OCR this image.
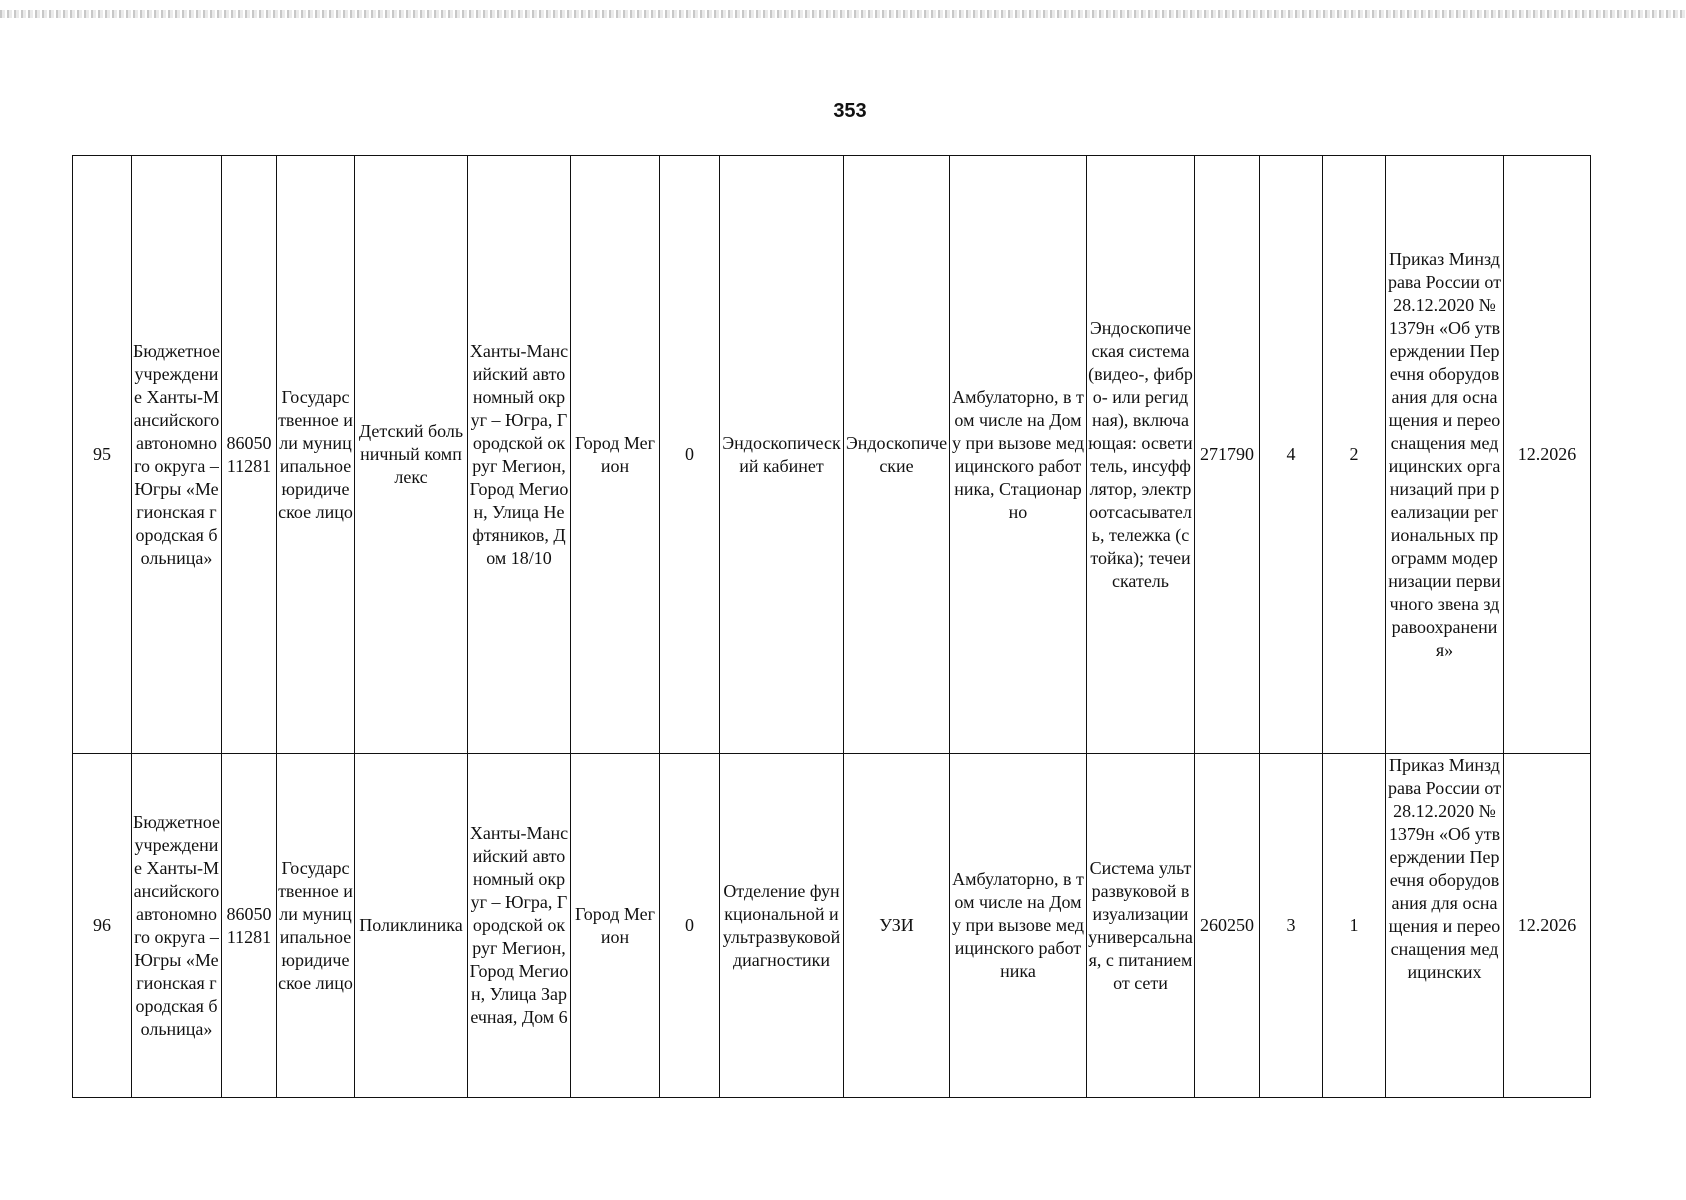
353
95	Бюджетное учреждение Ханты-Мансийского автономного округа – Югры «Мегионская городская больница»	8605011281	Государственное или муниципальное юридическое лицо	Детский больничный комплекс	Ханты-Мансийский автономный округ – Югра, Городской округ Мегион, Город Мегион, Улица Нефтяников, Дом 18/10	Город Мегион	0	Эндоскопический кабинет	Эндоскопические	Амбулаторно, в том числе на Дому при вызове медицинского работника, Стационарно	Эндоскопическая система (видео-, фибро- или регидная), включающая: осветитель, инсуффлятор, электроотсасыватель, тележка (стойка); течеискатель	271790	4	2	Приказ Минздрава России от 28.12.2020 № 1379н «Об утверждении Перечня оборудования для оснащения и переоснащения медицинских организаций при реализации региональных программ модернизации первичного звена здравоохранения»	12.2026
96	Бюджетное учреждение Ханты-Мансийского автономного округа – Югры «Мегионская городская больница»	8605011281	Государственное или муниципальное юридическое лицо	Поликлиника	Ханты-Мансийский автономный округ – Югра, Городской округ Мегион, Город Мегион, Улица Заречная, Дом 6	Город Мегион	0	Отделение функциональной и ультразвуковой диагностики	УЗИ	Амбулаторно, в том числе на Дому при вызове медицинского работника	Система ультразвуковой визуализации универсальная, с питанием от сети	260250	3	1	Приказ Минздрава России от 28.12.2020 № 1379н «Об утверждении Перечня оборудования для оснащения и переоснащения медицинских	12.2026
